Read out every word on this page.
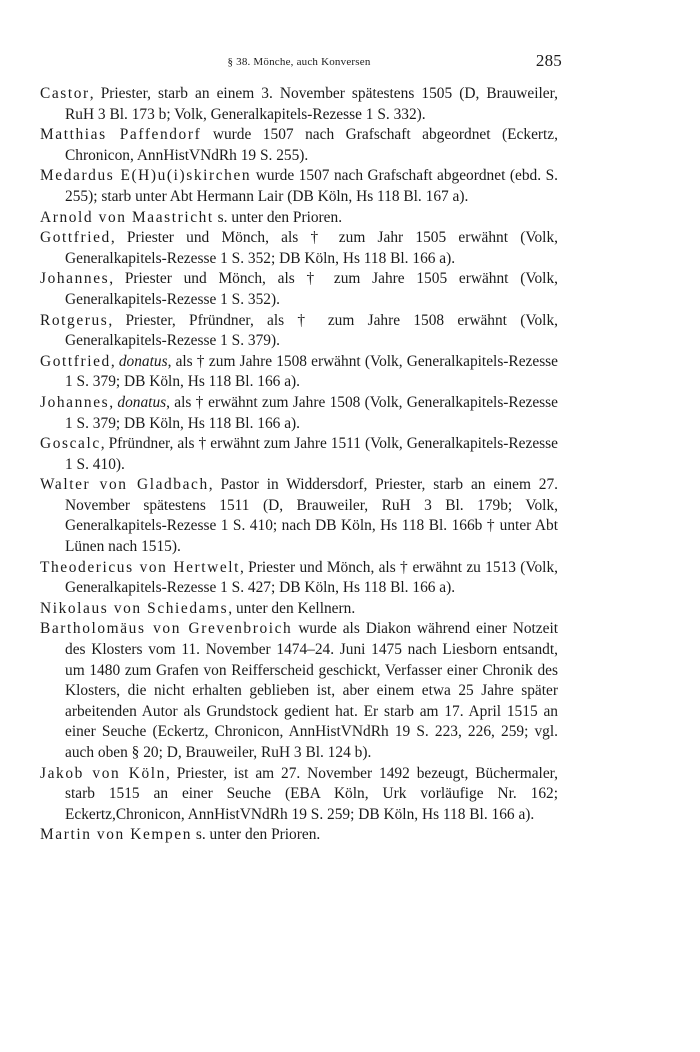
§ 38. Mönche, auch Konversen	285

Castor, Priester, starb an einem 3. November spätestens 1505 (D, Brauweiler, RuH 3 Bl. 173 b; Volk, Generalkapitels-Rezesse 1 S. 332).

Matthias Paffendorf wurde 1507 nach Grafschaft abgeordnet (Eckertz, Chronicon, AnnHistVNdRh 19 S. 255).

Medardus E(H)u(i)skirchen wurde 1507 nach Grafschaft abgeordnet (ebd. S. 255); starb unter Abt Hermann Lair (DB Köln, Hs 118 Bl. 167 a).

Arnold von Maastricht s. unter den Prioren.

Gottfried, Priester und Mönch, als † zum Jahr 1505 erwähnt (Volk, Generalkapitels-Rezesse 1 S. 352; DB Köln, Hs 118 Bl. 166 a).

Johannes, Priester und Mönch, als † zum Jahre 1505 erwähnt (Volk, Generalkapitels-Rezesse 1 S. 352).

Rotgerus, Priester, Pfründner, als † zum Jahre 1508 erwähnt (Volk, Generalkapitels-Rezesse 1 S. 379).

Gottfried, donatus, als † zum Jahre 1508 erwähnt (Volk, Generalkapitels-Rezesse 1 S. 379; DB Köln, Hs 118 Bl. 166 a).

Johannes, donatus, als † erwähnt zum Jahre 1508 (Volk, Generalkapitels-Rezesse 1 S. 379; DB Köln, Hs 118 Bl. 166 a).

Goscalc, Pfründner, als † erwähnt zum Jahre 1511 (Volk, Generalkapitels-Rezesse 1 S. 410).

Walter von Gladbach, Pastor in Widdersdorf, Priester, starb an einem 27. November spätestens 1511 (D, Brauweiler, RuH 3 Bl. 179b; Volk, Generalkapitels-Rezesse 1 S. 410; nach DB Köln, Hs 118 Bl. 166b † unter Abt Lünen nach 1515).

Theodericus von Hertwelt, Priester und Mönch, als † erwähnt zu 1513 (Volk, Generalkapitels-Rezesse 1 S. 427; DB Köln, Hs 118 Bl. 166 a).

Nikolaus von Schiedams, unter den Kellnern.

Bartholomäus von Grevenbroich wurde als Diakon während einer Notzeit des Klosters vom 11. November 1474–24. Juni 1475 nach Liesborn entsandt, um 1480 zum Grafen von Reifferscheid geschickt, Verfasser einer Chronik des Klosters, die nicht erhalten geblieben ist, aber einem etwa 25 Jahre später arbeitenden Autor als Grundstock gedient hat. Er starb am 17. April 1515 an einer Seuche (Eckertz, Chronicon, AnnHistVNdRh 19 S. 223, 226, 259; vgl. auch oben § 20; D, Brauweiler, RuH 3 Bl. 124 b).

Jakob von Köln, Priester, ist am 27. November 1492 bezeugt, Büchermaler, starb 1515 an einer Seuche (EBA Köln, Urk vorläufige Nr. 162; Eckertz,Chronicon, AnnHistVNdRh 19 S. 259; DB Köln, Hs 118 Bl. 166 a).

Martin von Kempen s. unter den Prioren.
